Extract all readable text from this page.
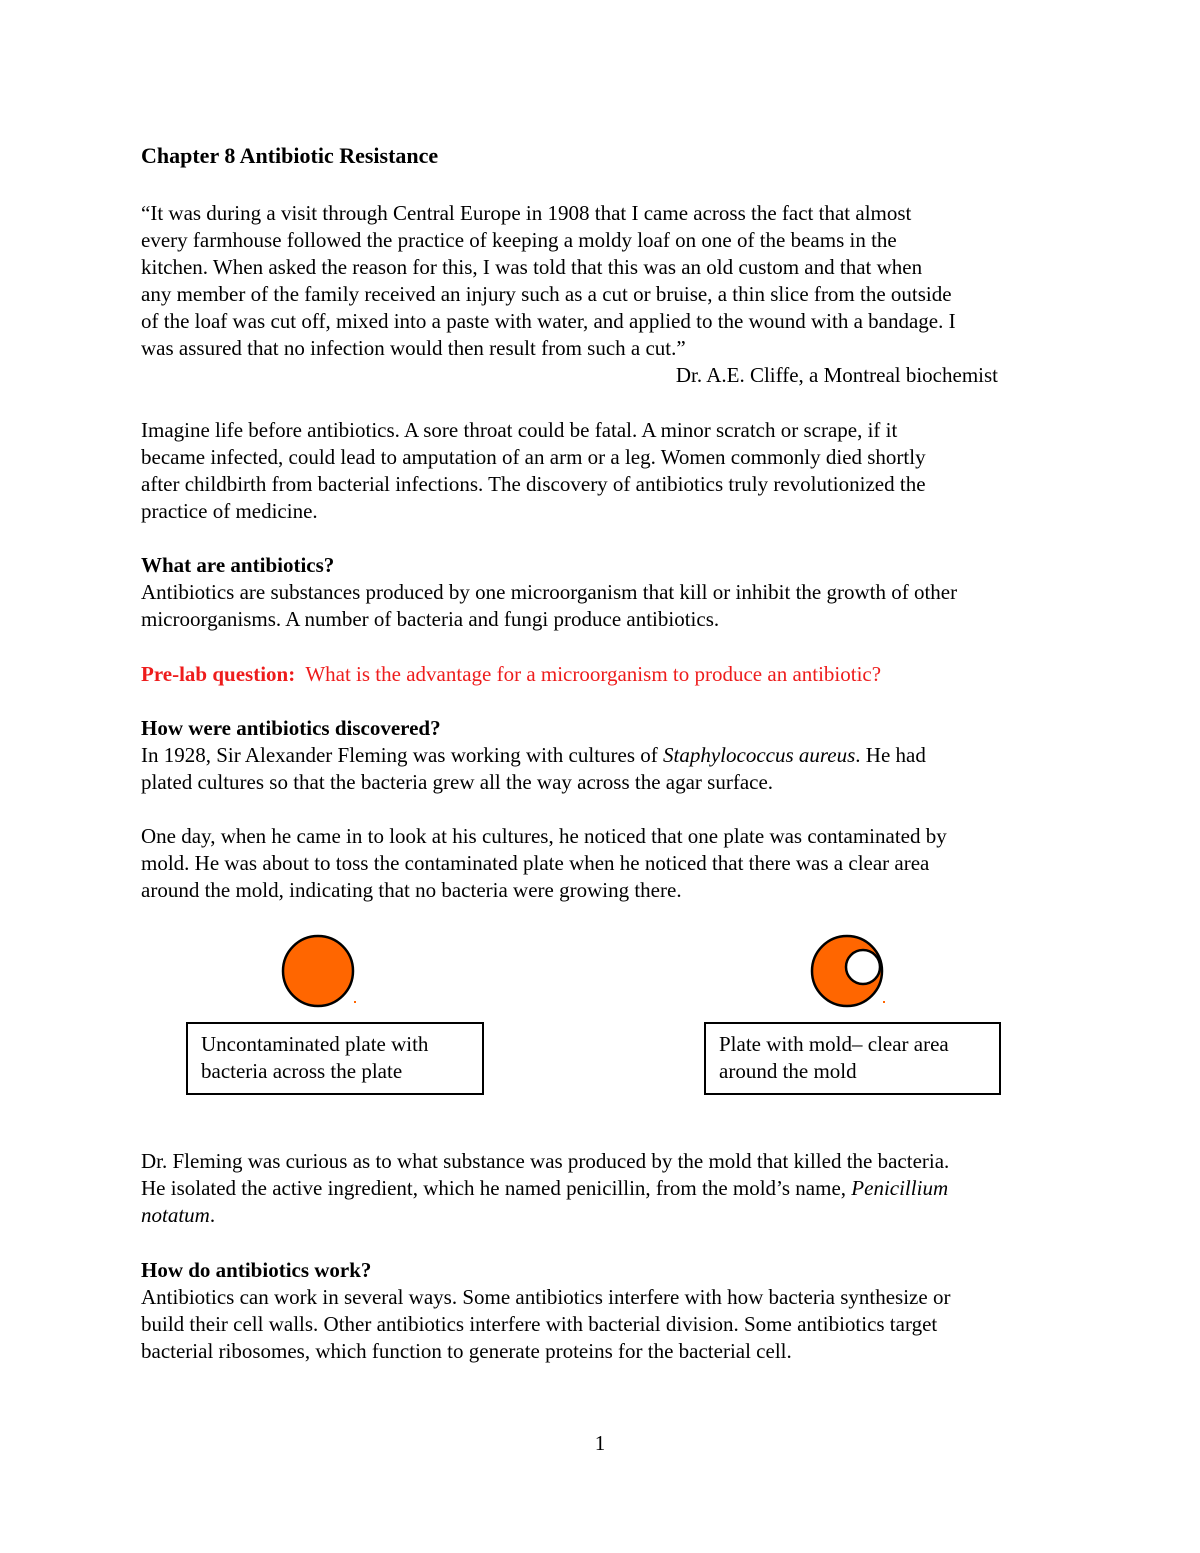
Chapter 8 Antibiotic Resistance

“It was during a visit through Central Europe in 1908 that I came across the fact that almost

every farmhouse followed the practice of keeping a moldy loaf on one of the beams in the

kitchen. When asked the reason for this, I was told that this was an old custom and that when

any member of the family received an injury such as a cut or bruise, a thin slice from the outside

of the loaf was cut off, mixed into a paste with water, and applied to the wound with a bandage. I

was assured that no infection would then result from such a cut.”

Dr. A.E. Cliffe, a Montreal biochemist

Imagine life before antibiotics. A sore throat could be fatal. A minor scratch or scrape, if it

became infected, could lead to amputation of an arm or a leg. Women commonly died shortly

after childbirth from bacterial infections. The discovery of antibiotics truly revolutionized the

practice of medicine.

What are antibiotics?

Antibiotics are substances produced by one microorganism that kill or inhibit the growth of other

microorganisms. A number of bacteria and fungi produce antibiotics.

Pre-lab question: What is the advantage for a microorganism to produce an antibiotic?

How were antibiotics discovered?

In 1928, Sir Alexander Fleming was working with cultures of Staphylococcus aureus. He had

plated cultures so that the bacteria grew all the way across the agar surface.

One day, when he came in to look at his cultures, he noticed that one plate was contaminated by

mold. He was about to toss the contaminated plate when he noticed that there was a clear area

around the mold, indicating that no bacteria were growing there.

Uncontaminated plate with
bacteria across the plate
Plate with mold– clear area
around the mold

Dr. Fleming was curious as to what substance was produced by the mold that killed the bacteria.

He isolated the active ingredient, which he named penicillin, from the mold’s name, Penicillium

notatum.

How do antibiotics work?

Antibiotics can work in several ways. Some antibiotics interfere with how bacteria synthesize or

build their cell walls. Other antibiotics interfere with bacterial division. Some antibiotics target

bacterial ribosomes, which function to generate proteins for the bacterial cell.

1
